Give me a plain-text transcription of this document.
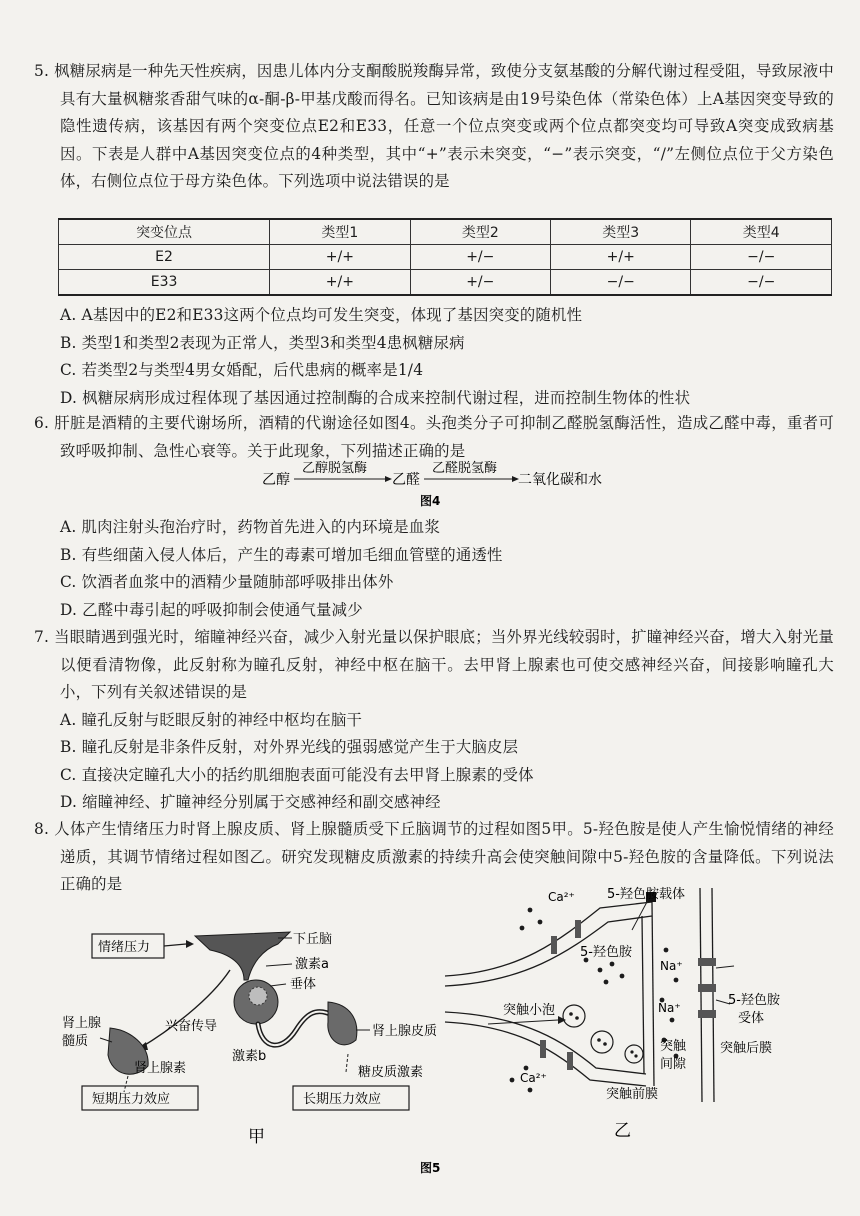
5. 枫糖尿病是一种先天性疾病，因患儿体内分支酮酸脱羧酶异常，致使分支氨基酸的分解代谢过程受阻，导致尿液中具有大量枫糖浆香甜气味的α-酮-β-甲基戊酸而得名。已知该病是由19号染色体（常染色体）上A基因突变导致的隐性遗传病，该基因有两个突变位点E2和E33，任意一个位点突变或两个位点都突变均可导致A突变成致病基因。下表是人群中A基因突变位点的4种类型，其中“+”表示未突变，“−”表示突变，“/”左侧位点位于父方染色体，右侧位点位于母方染色体。下列选项中说法错误的是

突变位点	类型1	类型2	类型3	类型4
E2	+/+	+/−	+/+	−/−
E33	+/+	+/−	−/−	−/−

A. A基因中的E2和E33这两个位点均可发生突变，体现了基因突变的随机性

B. 类型1和类型2表现为正常人，类型3和类型4患枫糖尿病

C. 若类型2与类型4男女婚配，后代患病的概率是1/4

D. 枫糖尿病形成过程体现了基因通过控制酶的合成来控制代谢过程，进而控制生物体的性状

6. 肝脏是酒精的主要代谢场所，酒精的代谢途径如图4。头孢类分子可抑制乙醛脱氢酶活性，造成乙醛中毒，重者可致呼吸抑制、急性心衰等。关于此现象，下列描述正确的是

乙醇
乙醇脱氢酶
乙醛
乙醛脱氢酶
二氧化碳和水
图4

A. 肌肉注射头孢治疗时，药物首先进入的内环境是血浆

B. 有些细菌入侵人体后，产生的毒素可增加毛细血管壁的通透性

C. 饮酒者血浆中的酒精少量随肺部呼吸排出体外

D. 乙醛中毒引起的呼吸抑制会使通气量减少

7. 当眼睛遇到强光时，缩瞳神经兴奋，减少入射光量以保护眼底；当外界光线较弱时，扩瞳神经兴奋，增大入射光量以便看清物像，此反射称为瞳孔反射，神经中枢在脑干。去甲肾上腺素也可使交感神经兴奋，间接影响瞳孔大小，下列有关叙述错误的是

A. 瞳孔反射与眨眼反射的神经中枢均在脑干

B. 瞳孔反射是非条件反射，对外界光线的强弱感觉产生于大脑皮层

C. 直接决定瞳孔大小的括约肌细胞表面可能没有去甲肾上腺素的受体

D. 缩瞳神经、扩瞳神经分别属于交感神经和副交感神经

8. 人体产生情绪压力时肾上腺皮质、肾上腺髓质受下丘脑调节的过程如图5甲。5-羟色胺是使人产生愉悦情绪的神经递质，其调节情绪过程如图乙。研究发现糖皮质激素的持续升高会使突触间隙中5-羟色胺的含量降低。下列说法正确的是

情绪压力
下丘脑
激素a
垂体
兴奋传导
肾上腺
髓质
肾上腺素
短期压力效应
激素b
肾上腺皮质
糖皮质激素
长期压力效应
甲
Ca²⁺
Ca²⁺
5-羟色胺载体
5-羟色胺
Na⁺
Na⁺
突触小泡
5-羟色胺
受体
突触
间隙
突触后膜
突触前膜
乙
图5
